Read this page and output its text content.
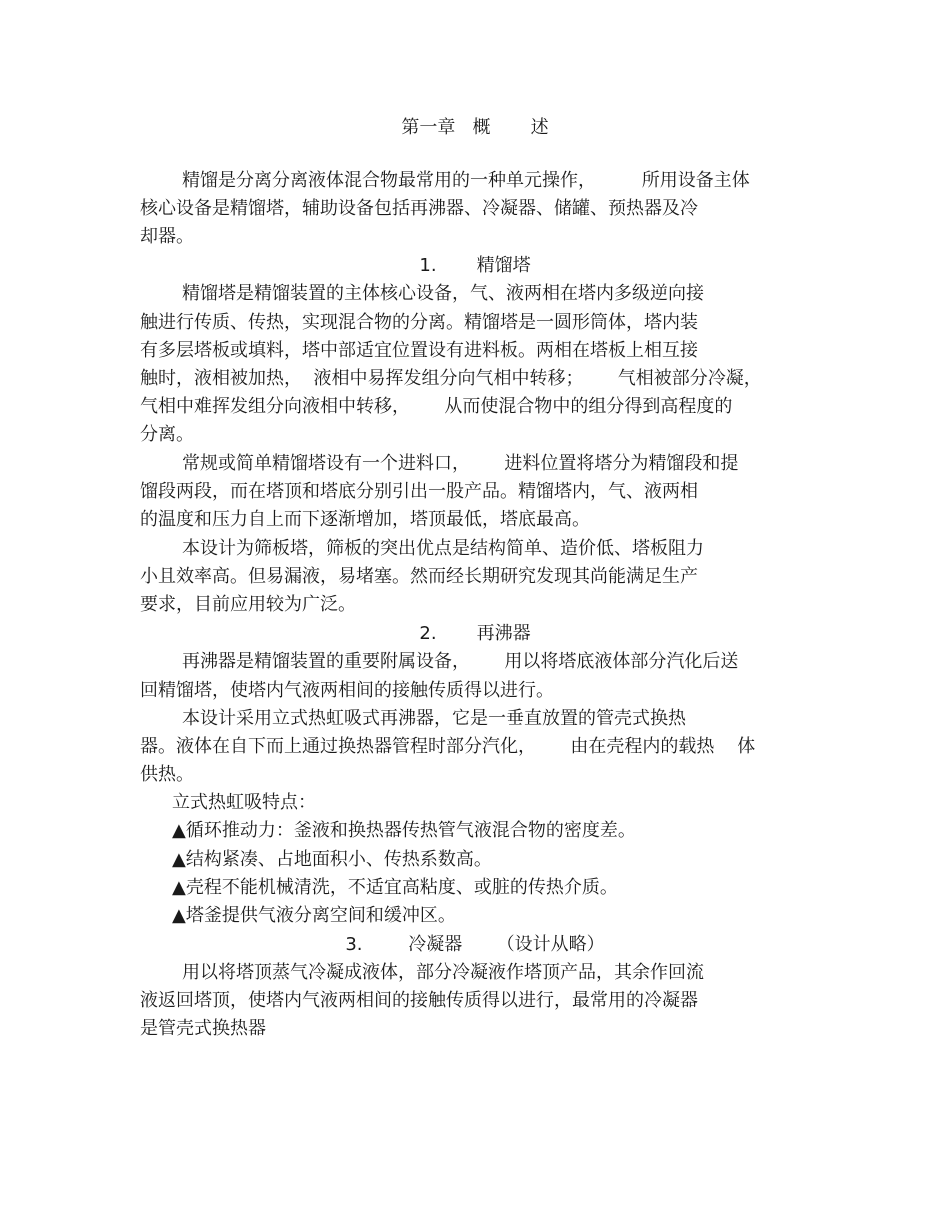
第一章   概       述
精馏是分离分离液体混合物最常用的一种单元操作，        所用设备主体
核心设备是精馏塔，辅助设备包括再沸器、冷凝器、储罐、预热器及冷
却器。
1.       精馏塔
精馏塔是精馏装置的主体核心设备，气、液两相在塔内多级逆向接
触进行传质、传热，实现混合物的分离。精馏塔是一圆形筒体，塔内装
有多层塔板或填料，塔中部适宜位置设有进料板。两相在塔板上相互接
触时，液相被加热，  液相中易挥发组分向气相中转移；      气相被部分冷凝，
气相中难挥发组分向液相中转移，      从而使混合物中的组分得到高程度的
分离。
常规或简单精馏塔设有一个进料口，      进料位置将塔分为精馏段和提
馏段两段，而在塔顶和塔底分别引出一股产品。精馏塔内，气、液两相
的温度和压力自上而下逐渐增加，塔顶最低，塔底最高。
本设计为筛板塔，筛板的突出优点是结构简单、造价低、塔板阻力
小且效率高。但易漏液，易堵塞。然而经长期研究发现其尚能满足生产
要求，目前应用较为广泛。
2.       再沸器
再沸器是精馏装置的重要附属设备，      用以将塔底液体部分汽化后送
回精馏塔，使塔内气液两相间的接触传质得以进行。
本设计采用立式热虹吸式再沸器，它是一垂直放置的管壳式换热
器。液体在自下而上通过换热器管程时部分汽化，      由在壳程内的载热    体
供热。
立式热虹吸特点：
▲循环推动力：釜液和换热器传热管气液混合物的密度差。
▲结构紧凑、占地面积小、传热系数高。
▲壳程不能机械清洗，不适宜高粘度、或脏的传热介质。
▲塔釜提供气液分离空间和缓冲区。
3.        冷凝器      （设计从略）
用以将塔顶蒸气冷凝成液体，部分冷凝液作塔顶产品，其余作回流
液返回塔顶，使塔内气液两相间的接触传质得以进行，最常用的冷凝器
是管壳式换热器
